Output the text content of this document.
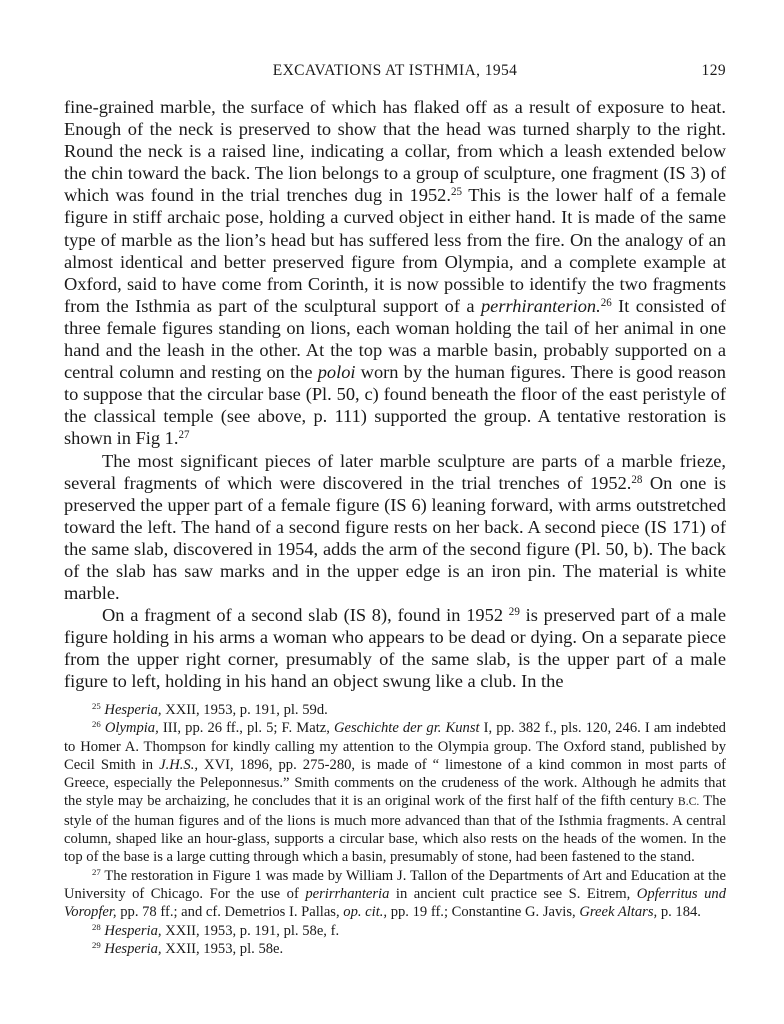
EXCAVATIONS AT ISTHMIA, 1954	129

fine-grained marble, the surface of which has flaked off as a result of exposure to heat. Enough of the neck is preserved to show that the head was turned sharply to the right. Round the neck is a raised line, indicating a collar, from which a leash extended below the chin toward the back. The lion belongs to a group of sculpture, one fragment (IS 3) of which was found in the trial trenches dug in 1952.25 This is the lower half of a female figure in stiff archaic pose, holding a curved object in either hand. It is made of the same type of marble as the lion’s head but has suffered less from the fire. On the analogy of an almost identical and better preserved figure from Olympia, and a complete example at Oxford, said to have come from Corinth, it is now possible to identify the two fragments from the Isthmia as part of the sculptural support of a perrhiranterion.$^{26}$ It consisted of three female figures standing on lions, each woman holding the tail of her animal in one hand and the leash in the other. At the top was a marble basin, probably supported on a central column and resting on the poloi worn by the human figures. There is good reason to suppose that the circular base (Pl. 50, c) found beneath the floor of the east peristyle of the classical temple (see above, p. 111) supported the group. A tentative restoration is shown in Fig 1.27

The most significant pieces of later marble sculpture are parts of a marble frieze, several fragments of which were discovered in the trial trenches of 1952.28 On one is preserved the upper part of a female figure (IS 6) leaning forward, with arms outstretched toward the left. The hand of a second figure rests on her back. A second piece (IS 171) of the same slab, discovered in 1954, adds the arm of the second figure (Pl. 50, b). The back of the slab has saw marks and in the upper edge is an iron pin. The material is white marble.

On a fragment of a second slab (IS 8), found in 1952 $^{29}$ is preserved part of a male figure holding in his arms a woman who appears to be dead or dying. On a separate piece from the upper right corner, presumably of the same slab, is the upper part of a male figure to left, holding in his hand an object swung like a club. In the

$^{25}$ Hesperia, XXII, 1953, p. 191, pl. 59d.

$^{26}$ Olympia, III, pp. 26 ff., pl. 5; F. Matz, Geschichte der gr. Kunst I, pp. 382 f., pls. 120, 246. I am indebted to Homer A. Thompson for kindly calling my attention to the Olympia group. The Oxford stand, published by Cecil Smith in J.H.S., XVI, 1896, pp. 275-280, is made of “ limestone of a kind common in most parts of Greece, especially the Peleponnesus.” Smith comments on the crudeness of the work. Although he admits that the style may be archaizing, he concludes that it is an original work of the first half of the fifth century B.C. The style of the human figures and of the lions is much more advanced than that of the Isthmia fragments. A central column, shaped like an hour-glass, supports a circular base, which also rests on the heads of the women. In the top of the base is a large cutting through which a basin, presumably of stone, had been fastened to the stand.

$^{27}$ The restoration in Figure 1 was made by William J. Tallon of the Departments of Art and Education at the University of Chicago. For the use of perirrhanteria in ancient cult practice see S. Eitrem, Opferritus und Voropfer, pp. 78 ff.; and cf. Demetrios I. Pallas, op. cit., pp. 19 ff.; Constantine G. Javis, Greek Altars, p. 184.

$^{28}$ Hesperia, XXII, 1953, p. 191, pl. 58e, f.

$^{29}$ Hesperia, XXII, 1953, pl. 58e.
